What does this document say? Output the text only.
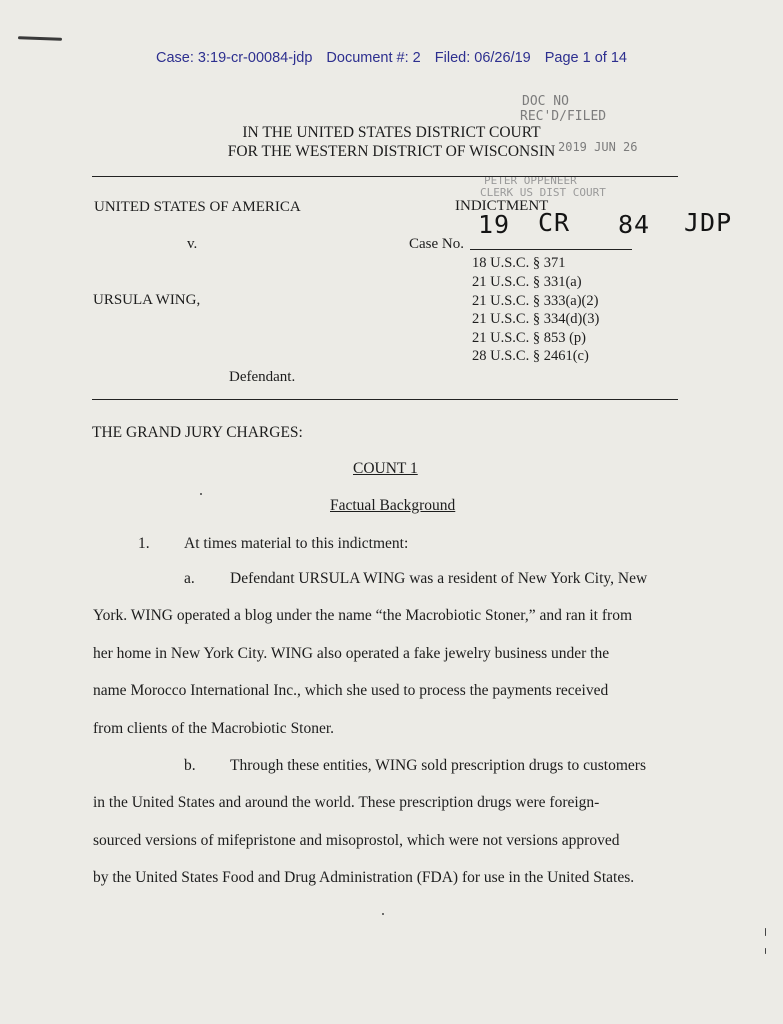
Case: 3:19-cr-00084-jdp Document #: 2 Filed: 06/26/19 Page 1 of 14
DOC NO
REC'D/FILED
2019 JUN 26
PETER OPPENEER
CLERK US DIST COURT
IN THE UNITED STATES DISTRICT COURT
FOR THE WESTERN DISTRICT OF WISCONSIN
UNITED STATES OF AMERICA	INDICTMENT
v.	Case No.
19 CR 84 JDP
18 U.S.C. § 371
21 U.S.C. § 331(a)
URSULA WING,	21 U.S.C. § 333(a)(2)
21 U.S.C. § 334(d)(3)
21 U.S.C. § 853 (p)
28 U.S.C. § 2461(c)
Defendant.
THE GRAND JURY CHARGES:
COUNT 1
Factual Background
1. At times material to this indictment:
a. Defendant URSULA WING was a resident of New York City, New
York. WING operated a blog under the name “the Macrobiotic Stoner,” and ran it from
her home in New York City. WING also operated a fake jewelry business under the
name Morocco International Inc., which she used to process the payments received
from clients of the Macrobiotic Stoner.
b. Through these entities, WING sold prescription drugs to customers
in the United States and around the world. These prescription drugs were foreign-
sourced versions of mifepristone and misoprostol, which were not versions approved
by the United States Food and Drug Administration (FDA) for use in the United States.
